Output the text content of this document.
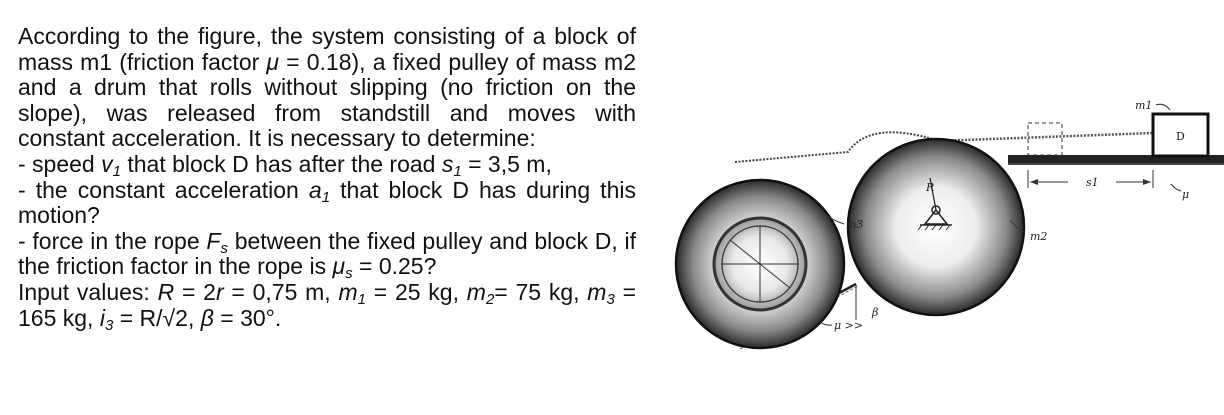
According to the figure, the system consisting of a block of mass m1 (friction factor μ = 0.18), a fixed pulley of mass m2 and a drum that rolls without slipping (no friction on the slope), was released from standstill and moves with constant acceleration. It is necessary to determine:

- speed $v_1$ that block D has after the road $s_1 = 3,5$ m,

- the constant acceleration $a_1$ that block D has during this motion?

- force in the rope $F_s$ between the fixed pulley and block D, if the friction factor in the rope is $\mu_s = 0.25$?

Input values: R = 2r = 0,75 m, $m_1 = 25$ kg, $m_2= 75$ kg, $m_3 = 165$ kg, $i_3 = R/√2$, β = 30°.

m1
D
s1
μ
R
m2
m3
μ >>
β
